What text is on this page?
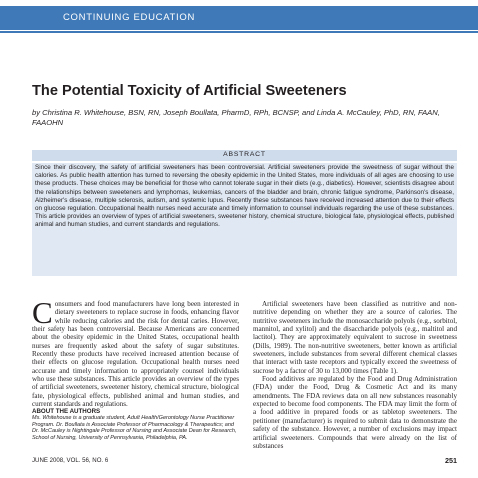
CONTINUING EDUCATION
The Potential Toxicity of Artificial Sweeteners

by Christina R. Whitehouse, BSN, RN, Joseph Boullata, PharmD, RPh, BCNSP, and Linda A. McCauley, PhD, RN, FAAN, FAAOHN

ABSTRACT

Since their discovery, the safety of artificial sweeteners has been controversial. Artificial sweeteners provide the sweetness of sugar without the calories. As public health attention has turned to reversing the obesity epidemic in the United States, more individuals of all ages are choosing to use these products. These choices may be beneficial for those who cannot tolerate sugar in their diets (e.g., diabetics). However, scientists disagree about the relationships between sweeteners and lymphomas, leukemias, cancers of the bladder and brain, chronic fatigue syndrome, Parkinson's disease, Alzheimer's disease, multiple sclerosis, autism, and systemic lupus. Recently these substances have received increased attention due to their effects on glucose regulation. Occupational health nurses need accurate and timely information to counsel individuals regarding the use of these substances. This article provides an overview of types of artificial sweeteners, sweetener history, chemical structure, biological fate, physiological effects, published animal and human studies, and current standards and regulations.

Consumers and food manufacturers have long been interested in dietary sweeteners to replace sucrose in foods, enhancing flavor while reducing calories and the risk for dental caries. However, their safety has been controversial. Because Americans are concerned about the obesity epidemic in the United States, occupational health nurses are frequently asked about the safety of sugar substitutes. Recently these products have received increased attention because of their effects on glucose regulation. Occupational health nurses need accurate and timely information to appropriately counsel individuals who use these substances. This article provides an overview of the types of artificial sweeteners, sweetener history, chemical structure, biological fate, physiological effects, published animal and human studies, and current standards and regulations.

Artificial sweeteners have been classified as nutritive and non-nutritive depending on whether they are a source of calories. The nutritive sweeteners include the monosaccharide polyols (e.g., sorbitol, mannitol, and xylitol) and the disaccharide polyols (e.g., maltitol and lactitol). They are approximately equivalent to sucrose in sweetness (Dills, 1989). The non-nutritive sweeteners, better known as artificial sweeteners, include substances from several different chemical classes that interact with taste receptors and typically exceed the sweetness of sucrose by a factor of 30 to 13,000 times (Table 1).

Food additives are regulated by the Food and Drug Administration (FDA) under the Food, Drug & Cosmetic Act and its many amendments. The FDA reviews data on all new substances reasonably expected to become food components. The FDA may limit the form of a food additive in prepared foods or as tabletop sweeteners. The petitioner (manufacturer) is required to submit data to demonstrate the safety of the substance. However, a number of exclusions may impact artificial sweeteners. Compounds that were already on the list of substances

ABOUT THE AUTHORS

Ms. Whitehouse is a graduate student, Adult Health/Gerontology Nurse Practitioner Program. Dr. Boullata is Associate Professor of Pharmacology & Therapeutics; and Dr. McCauley is Nightingale Professor of Nursing and Associate Dean for Research, School of Nursing, University of Pennsylvania, Philadelphia, PA.

JUNE 2008, VOL. 56, NO. 6	251
